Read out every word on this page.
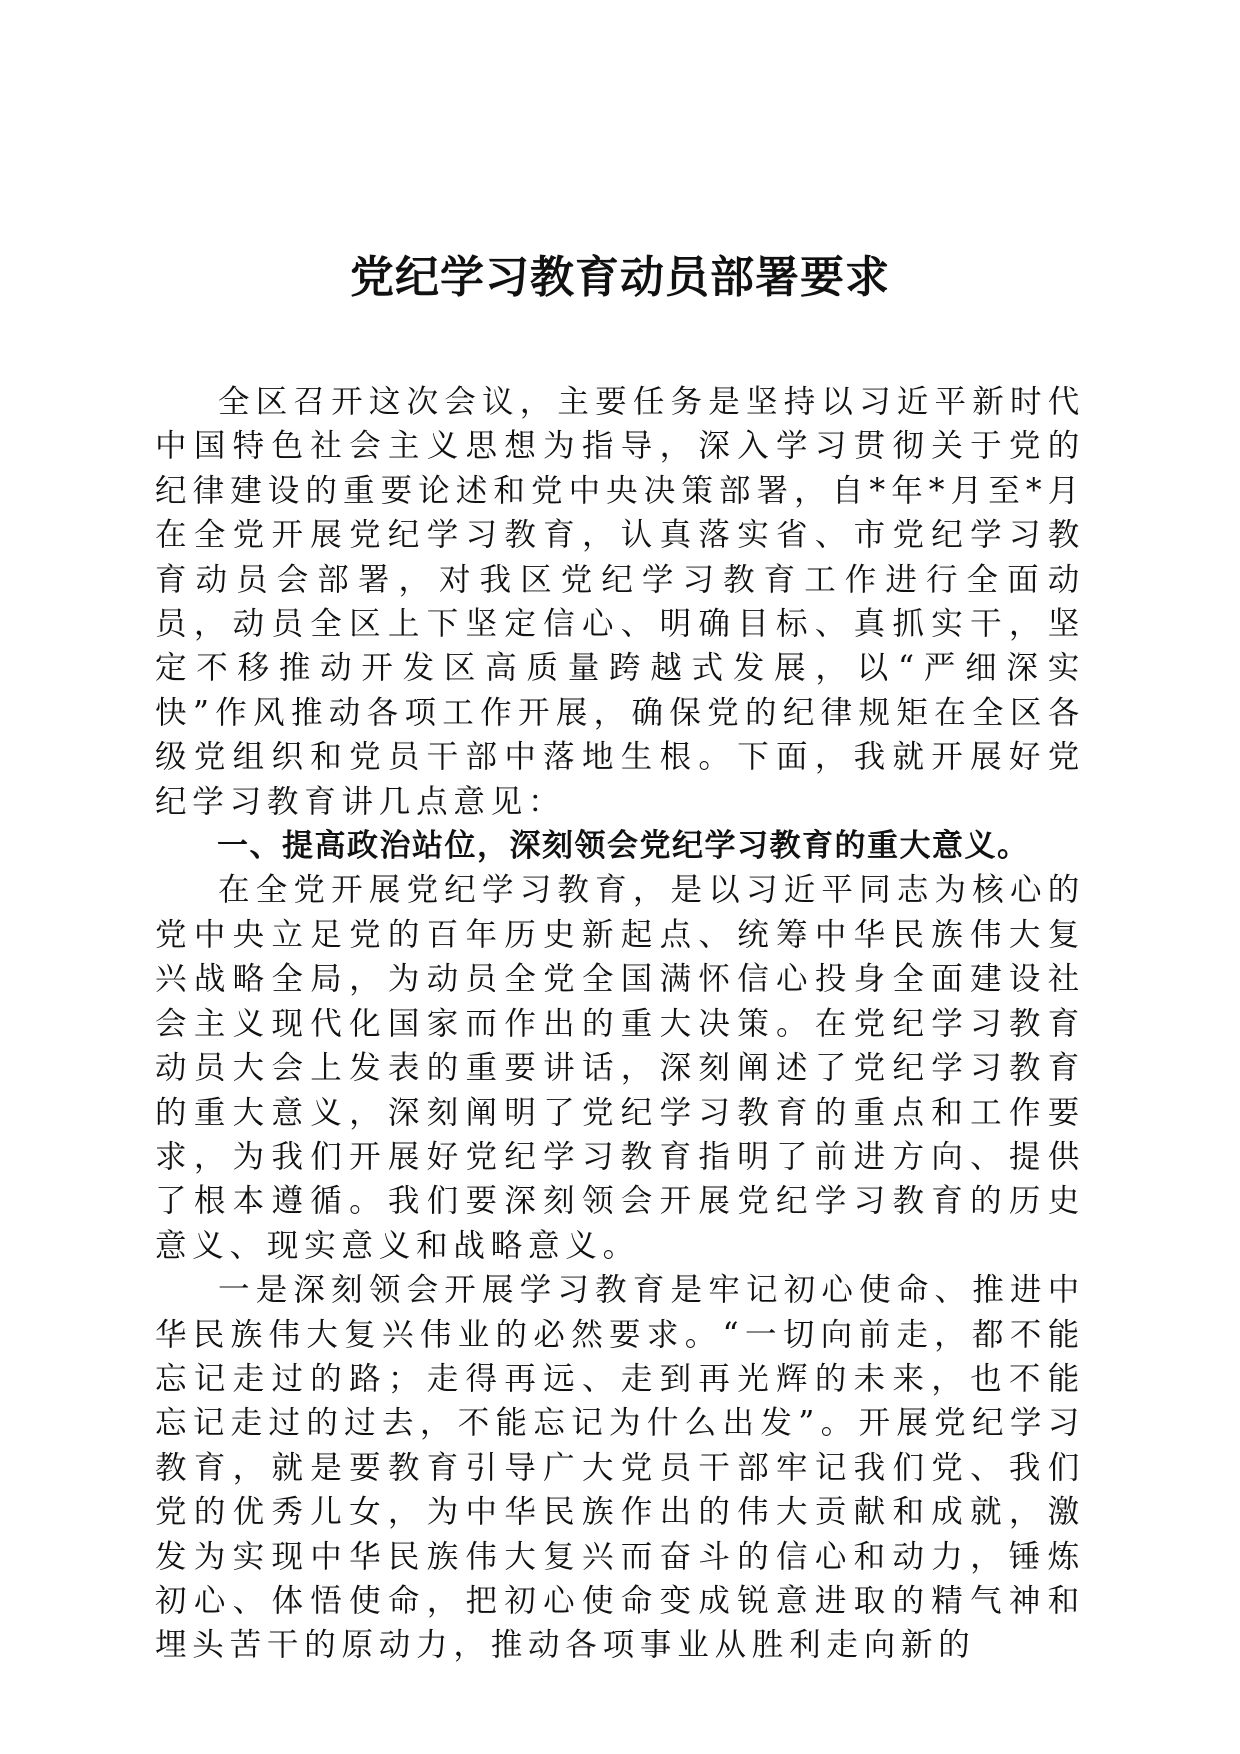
党纪学习教育动员部署要求

全区召开这次会议，主要任务是坚持以习近平新时代中国特色社会主义思想为指导，深入学习贯彻关于党的纪律建设的重要论述和党中央决策部署，自*年*月至*月在全党开展党纪学习教育，认真落实省、市党纪学习教育动员会部署，对我区党纪学习教育工作进行全面动员，动员全区上下坚定信心、明确目标、真抓实干，坚定不移推动开发区高质量跨越式发展，以“严细深实快”作风推动各项工作开展，确保党的纪律规矩在全区各级党组织和党员干部中落地生根。下面，我就开展好党纪学习教育讲几点意见：

一、提高政治站位，深刻领会党纪学习教育的重大意义。

在全党开展党纪学习教育，是以习近平同志为核心的党中央立足党的百年历史新起点、统筹中华民族伟大复兴战略全局，为动员全党全国满怀信心投身全面建设社会主义现代化国家而作出的重大决策。在党纪学习教育动员大会上发表的重要讲话，深刻阐述了党纪学习教育的重大意义，深刻阐明了党纪学习教育的重点和工作要求，为我们开展好党纪学习教育指明了前进方向、提供了根本遵循。我们要深刻领会开展党纪学习教育的历史意义、现实意义和战略意义。

一是深刻领会开展学习教育是牢记初心使命、推进中华民族伟大复兴伟业的必然要求。“一切向前走，都不能忘记走过的路；走得再远、走到再光辉的未来，也不能忘记走过的过去，不能忘记为什么出发”。开展党纪学习教育，就是要教育引导广大党员干部牢记我们党、我们党的优秀儿女，为中华民族作出的伟大贡献和成就，激发为实现中华民族伟大复兴而奋斗的信心和动力，锤炼初心、体悟使命，把初心使命变成锐意进取的精气神和埋头苦干的原动力，推动各项事业从胜利走向新的
